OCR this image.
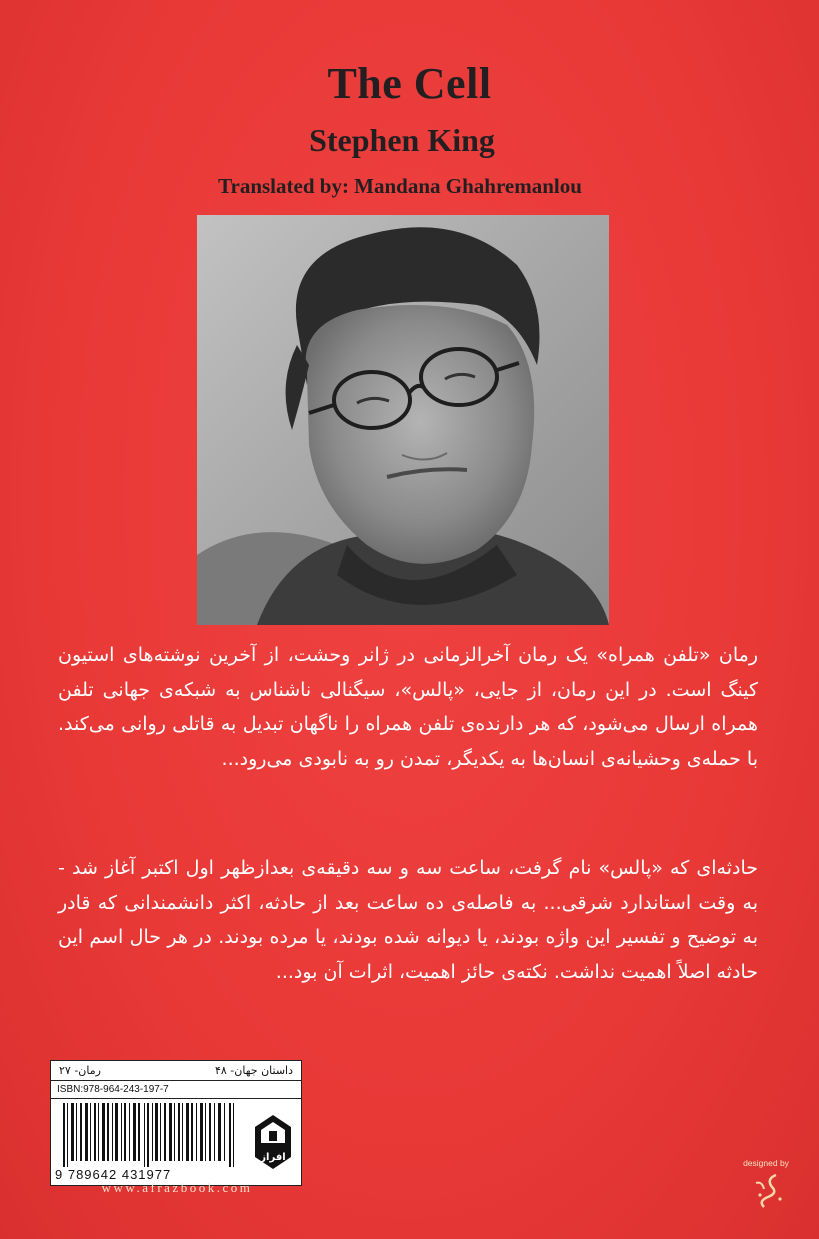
The Cell
Stephen King
Translated by: Mandana Ghahremanlou
رمان «تلفن همراه» یک رمان آخرالزمانی در ژانر وحشت، از آخرین نوشته‌های استیون کینگ است. در این رمان، از جایی، «پالس»، سیگنالی ناشناس به شبکه‌ی جهانی تلفن همراه ارسال می‌شود، که هر دارنده‌ی تلفن همراه را ناگهان تبدیل به قاتلی روانی می‌کند. با حمله‌ی وحشیانه‌ی انسان‌ها به یکدیگر، تمدن رو به نابودی می‌رود...
حادثه‌ای که «پالس» نام گرفت، ساعت سه و سه دقیقه‌ی بعدازظهر اول اکتبر آغاز شد - به وقت استاندارد شرقی... به فاصله‌ی ده ساعت بعد از حادثه، اکثر دانشمندانی که قادر به توضیح و تفسیر این واژه بودند، یا دیوانه شده بودند، یا مرده بودند. در هر حال اسم این حادثه اصلاً اهمیت نداشت. نکته‌ی حائز اهمیت، اثرات آن بود...
داستان جهان- ۴۸
رمان- ۲۷
ISBN:978-964-243-197-7
9 789642 431977
افراز
www.afrazbook.com
designed by
